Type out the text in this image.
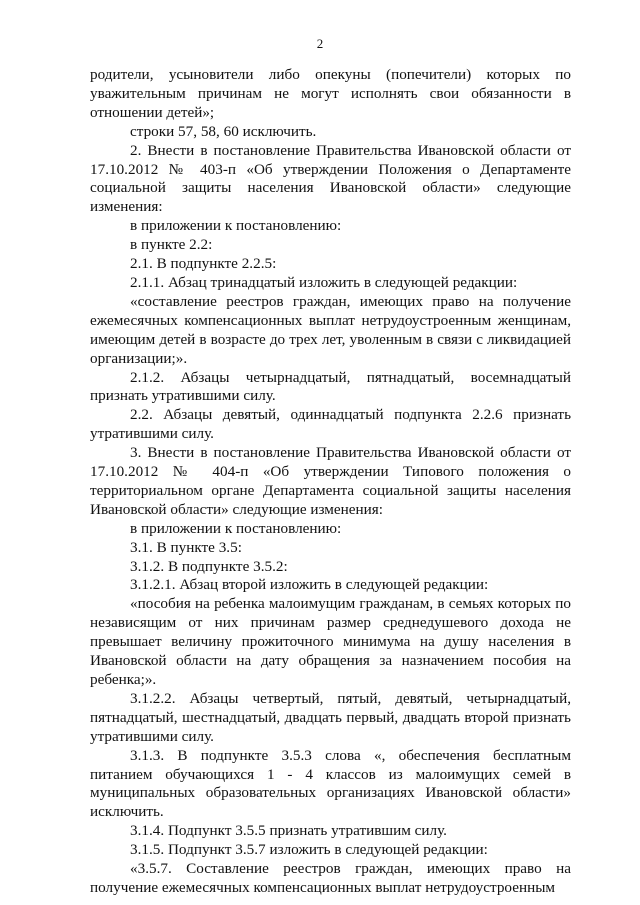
2

родители, усыновители либо опекуны (попечители) которых по уважительным причинам не могут исполнять свои обязанности в отношении детей»;

строки 57, 58, 60 исключить.

2. Внести в постановление Правительства Ивановской области от 17.10.2012 № 403-п «Об утверждении Положения о Департаменте социальной защиты населения Ивановской области» следующие изменения:

в приложении к постановлению:

в пункте 2.2:

2.1. В подпункте 2.2.5:

2.1.1. Абзац тринадцатый изложить в следующей редакции:

«составление реестров граждан, имеющих право на получение ежемесячных компенсационных выплат нетрудоустроенным женщинам, имеющим детей в возрасте до трех лет, уволенным в связи с ликвидацией организации;».

2.1.2. Абзацы четырнадцатый, пятнадцатый, восемнадцатый признать утратившими силу.

2.2. Абзацы девятый, одиннадцатый подпункта 2.2.6 признать утратившими силу.

3. Внести в постановление Правительства Ивановской области от 17.10.2012 № 404-п «Об утверждении Типового положения о территориальном органе Департамента социальной защиты населения Ивановской области» следующие изменения:

в приложении к постановлению:

3.1. В пункте 3.5:

3.1.2. В подпункте 3.5.2:

3.1.2.1. Абзац второй изложить в следующей редакции:

«пособия на ребенка малоимущим гражданам, в семьях которых по независящим от них причинам размер среднедушевого дохода не превышает величину прожиточного минимума на душу населения в Ивановской области на дату обращения за назначением пособия на ребенка;».

3.1.2.2. Абзацы четвертый, пятый, девятый, четырнадцатый, пятнадцатый, шестнадцатый, двадцать первый, двадцать второй признать утратившими силу.

3.1.3. В подпункте 3.5.3 слова «, обеспечения бесплатным питанием обучающихся 1 - 4 классов из малоимущих семей в муниципальных образовательных организациях Ивановской области» исключить.

3.1.4. Подпункт 3.5.5 признать утратившим силу.

3.1.5. Подпункт 3.5.7 изложить в следующей редакции:

«3.5.7. Составление реестров граждан, имеющих право на получение ежемесячных компенсационных выплат нетрудоустроенным
